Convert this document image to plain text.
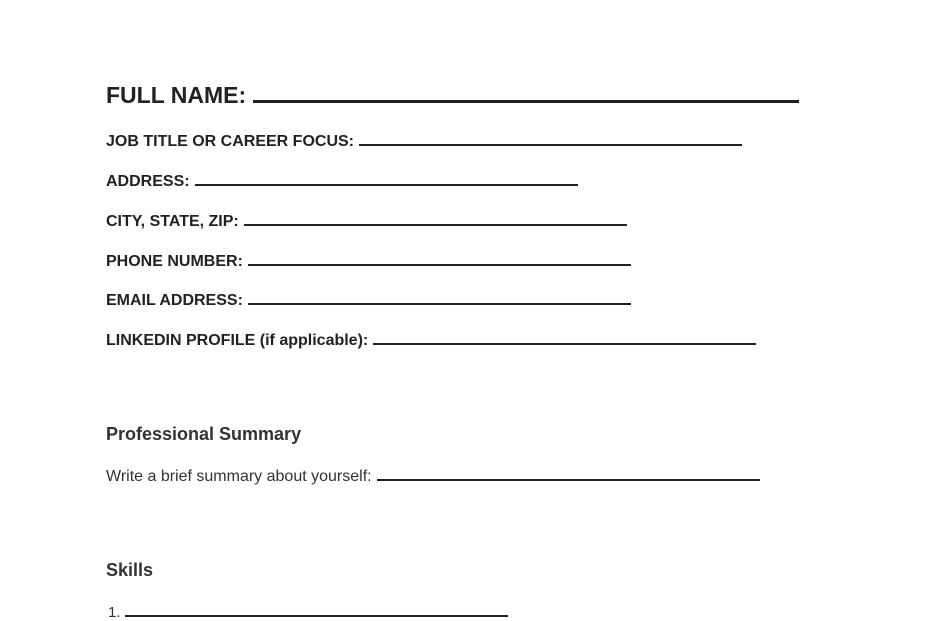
FULL NAME:
JOB TITLE OR CAREER FOCUS:
ADDRESS:
CITY, STATE, ZIP:
PHONE NUMBER:
EMAIL ADDRESS:
LINKEDIN PROFILE (if applicable):
Professional Summary
Write a brief summary about yourself:
Skills
1.
